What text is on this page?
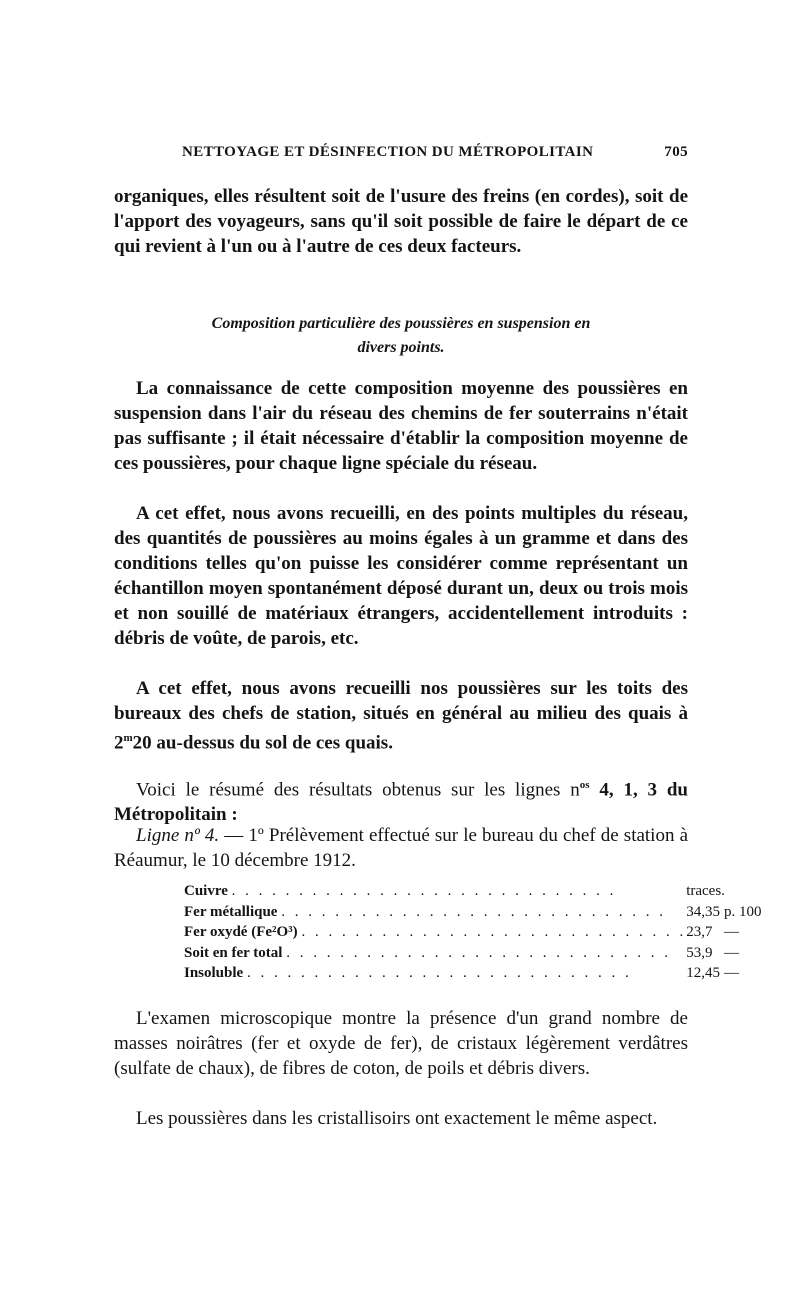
NETTOYAGE ET DÉSINFECTION DU MÉTROPOLITAIN	705

organiques, elles résultent soit de l'usure des freins (en cordes), soit de l'apport des voyageurs, sans qu'il soit possible de faire le départ de ce qui revient à l'un ou à l'autre de ces deux facteurs.

Composition particulière des poussières en suspension en

divers points.

La connaissance de cette composition moyenne des poussières en suspension dans l'air du réseau des chemins de fer souterrains n'était pas suffisante ; il était nécessaire d'établir la composition moyenne de ces poussières, pour chaque ligne spéciale du réseau.

A cet effet, nous avons recueilli, en des points multiples du réseau, des quantités de poussières au moins égales à un gramme et dans des conditions telles qu'on puisse les considérer comme représentant un échantillon moyen spontanément déposé durant un, deux ou trois mois et non souillé de matériaux étrangers, accidentellement introduits : débris de voûte, de parois, etc.

A cet effet, nous avons recueilli nos poussières sur les toits des bureaux des chefs de station, situés en général au milieu des quais à 2$^m$20 au-dessus du sol de ces quais.

Voici le résumé des résultats obtenus sur les lignes $n^{os}$ 4, 1, 3 du Métropolitain :

Ligne nº 4. — 1º Prélèvement effectué sur le bureau du chef de station à Réaumur, le 10 décembre 1912.

Cuivre . . . . . . . . . . . . . . . . . . . . . . . . . . . . .	traces.	
Fer métallique . . . . . . . . . . . . . . . . . . . . . . . . . . . . .	34,35	p. 100
Fer oxydé (Fe²O³) . . . . . . . . . . . . . . . . . . . . . . . . . . . . .	23,7	—
Soit en fer total . . . . . . . . . . . . . . . . . . . . . . . . . . . . .	53,9	—
Insoluble . . . . . . . . . . . . . . . . . . . . . . . . . . . . .	12,45	—

L'examen microscopique montre la présence d'un grand nombre de masses noirâtres (fer et oxyde de fer), de cristaux légèrement verdâtres (sulfate de chaux), de fibres de coton, de poils et débris divers.

Les poussières dans les cristallisoirs ont exactement le même aspect.
